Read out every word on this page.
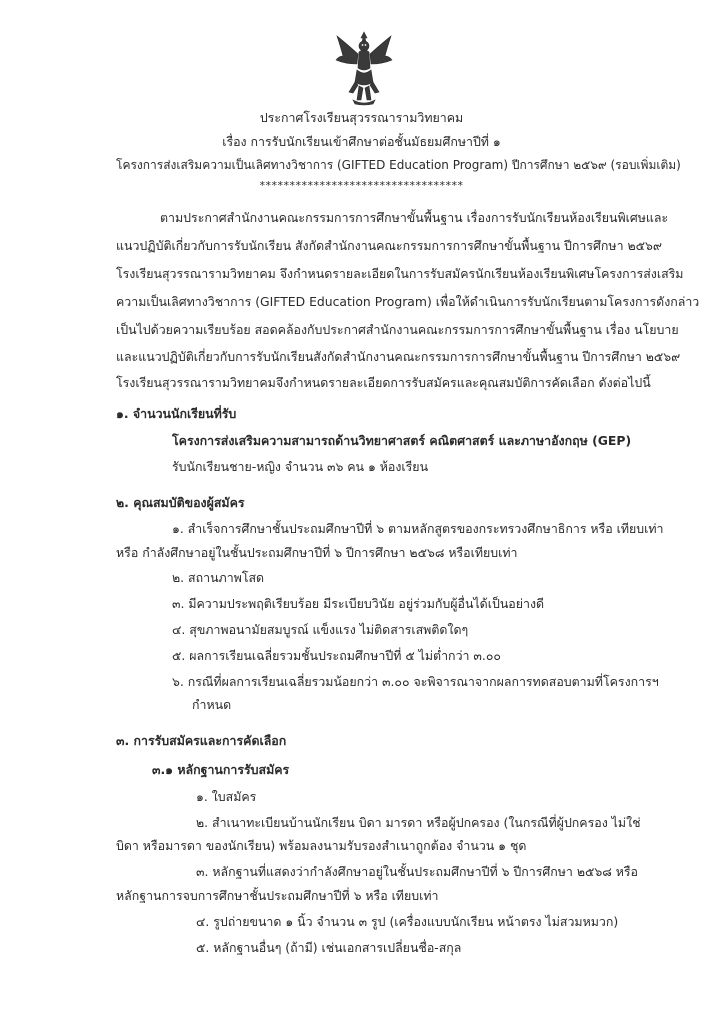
ประกาศโรงเรียนสุวรรณารามวิทยาคม
เรื่อง การรับนักเรียนเข้าศึกษาต่อชั้นมัธยมศึกษาปีที่ ๑
โครงการส่งเสริมความเป็นเลิศทางวิชาการ (GIFTED Education Program) ปีการศึกษา ๒๕๖๙ (รอบเพิ่มเติม)
**********************************
ตามประกาศสำนักงานคณะกรรมการการศึกษาขั้นพื้นฐาน เรื่องการรับนักเรียนห้องเรียนพิเศษและ
แนวปฏิบัติเกี่ยวกับการรับนักเรียน สังกัดสำนักงานคณะกรรมการการศึกษาขั้นพื้นฐาน ปีการศึกษา ๒๕๖๙
โรงเรียนสุวรรณารามวิทยาคม จึงกำหนดรายละเอียดในการรับสมัครนักเรียนห้องเรียนพิเศษโครงการส่งเสริม
ความเป็นเลิศทางวิชาการ (GIFTED Education Program) เพื่อให้ดำเนินการรับนักเรียนตามโครงการดังกล่าว
เป็นไปด้วยความเรียบร้อย สอดคล้องกับประกาศสำนักงานคณะกรรมการการศึกษาขั้นพื้นฐาน เรื่อง นโยบาย
และแนวปฏิบัติเกี่ยวกับการรับนักเรียนสังกัดสำนักงานคณะกรรมการการศึกษาขั้นพื้นฐาน ปีการศึกษา ๒๕๖๙
โรงเรียนสุวรรณารามวิทยาคมจึงกำหนดรายละเอียดการรับสมัครและคุณสมบัติการคัดเลือก ดังต่อไปนี้
๑. จำนวนนักเรียนที่รับ
โครงการส่งเสริมความสามารถด้านวิทยาศาสตร์ คณิตศาสตร์ และภาษาอังกฤษ (GEP)
รับนักเรียนชาย-หญิง จำนวน ๓๖ คน ๑ ห้องเรียน
๒. คุณสมบัติของผู้สมัคร
๑. สำเร็จการศึกษาชั้นประถมศึกษาปีที่ ๖ ตามหลักสูตรของกระทรวงศึกษาธิการ หรือ เทียบเท่า
หรือ กำลังศึกษาอยู่ในชั้นประถมศึกษาปีที่ ๖ ปีการศึกษา ๒๕๖๘ หรือเทียบเท่า
๒. สถานภาพโสด
๓. มีความประพฤติเรียบร้อย มีระเบียบวินัย อยู่ร่วมกับผู้อื่นได้เป็นอย่างดี
๔. สุขภาพอนามัยสมบูรณ์ แข็งแรง ไม่ติดสารเสพติดใดๆ
๕. ผลการเรียนเฉลี่ยรวมชั้นประถมศึกษาปีที่ ๕ ไม่ต่ำกว่า ๓.๐๐
๖. กรณีที่ผลการเรียนเฉลี่ยรวมน้อยกว่า ๓.๐๐ จะพิจารณาจากผลการทดสอบตามที่โครงการฯ
กำหนด
๓. การรับสมัครและการคัดเลือก
๓.๑ หลักฐานการรับสมัคร
๑. ใบสมัคร
๒. สำเนาทะเบียนบ้านนักเรียน บิดา มารดา หรือผู้ปกครอง (ในกรณีที่ผู้ปกครอง ไม่ใช่
บิดา หรือมารดา ของนักเรียน) พร้อมลงนามรับรองสำเนาถูกต้อง จำนวน ๑ ชุด
๓. หลักฐานที่แสดงว่ากำลังศึกษาอยู่ในชั้นประถมศึกษาปีที่ ๖ ปีการศึกษา ๒๕๖๘ หรือ
หลักฐานการจบการศึกษาชั้นประถมศึกษาปีที่ ๖ หรือ เทียบเท่า
๔. รูปถ่ายขนาด ๑ นิ้ว จำนวน ๓ รูป (เครื่องแบบนักเรียน หน้าตรง ไม่สวมหมวก)
๕. หลักฐานอื่นๆ (ถ้ามี) เช่นเอกสารเปลี่ยนชื่อ-สกุล
